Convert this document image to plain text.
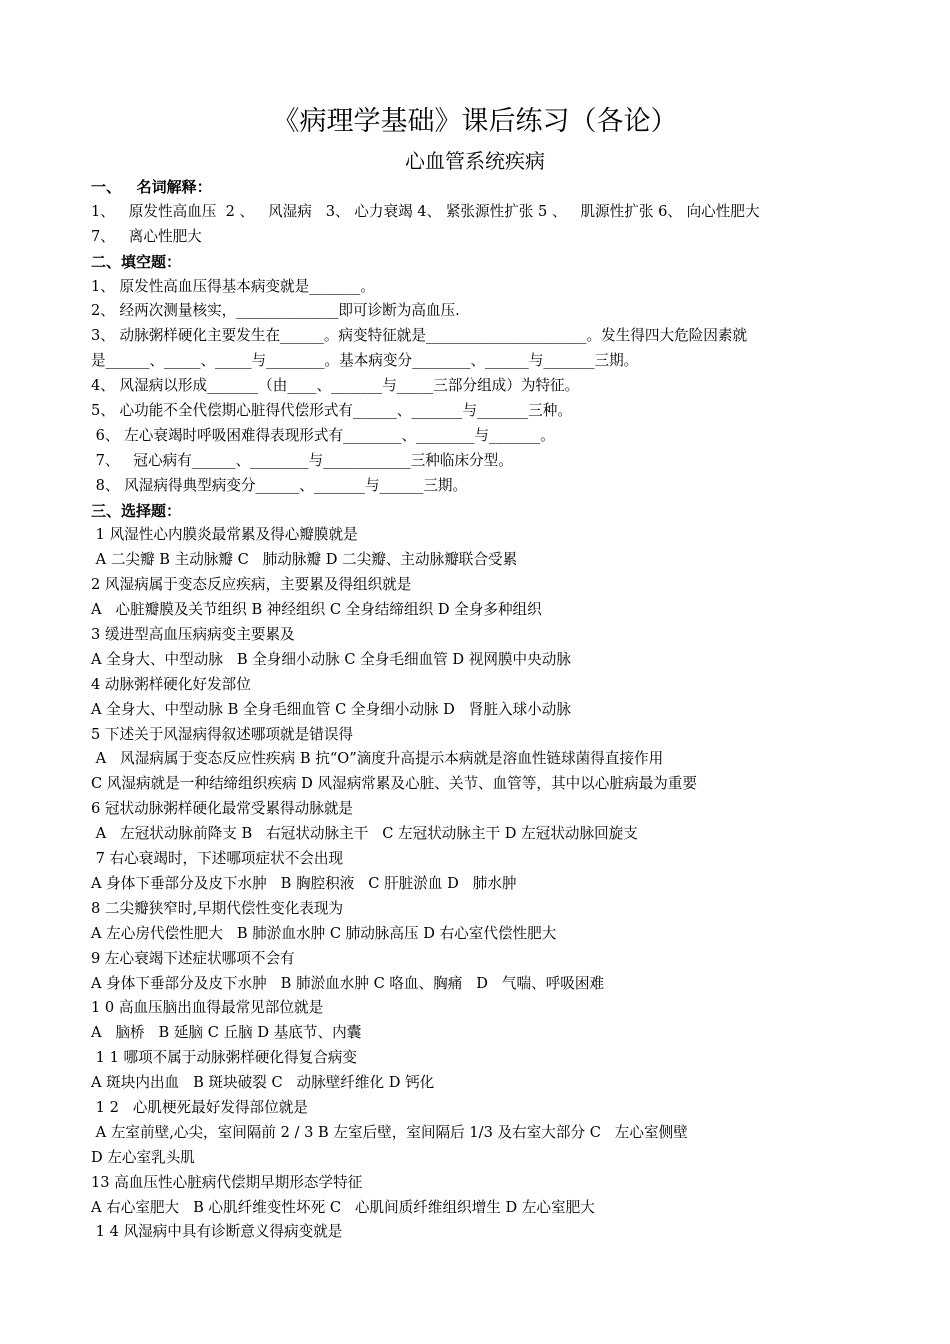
《病理学基础》课后练习（各论）
心血管系统疾病
一、   名词解释：
1、   原发性高血压  2 、   风湿病   3、 心力衰竭 4、 紧张源性扩张 5 、   肌源性扩张 6、 向心性肥大
7、   离心性肥大
二、填空题：
1、 原发性高血压得基本病变就是_______。
2、 经两次测量核实，______________即可诊断为高血压.
3、 动脉粥样硬化主要发生在______。病变特征就是______________________。发生得四大危险因素就
是______、_____、_____与________。基本病变分________、______与_______三期。
4、 风湿病以形成_______（由____、_______与_____三部分组成）为特征。
5、 心功能不全代偿期心脏得代偿形式有______、_______与_______三种。
6、 左心衰竭时呼吸困难得表现形式有________、________与_______。
7、   冠心病有______、________与____________三种临床分型。
8、 风湿病得典型病变分______、_______与______三期。
三、选择题：
1 风湿性心内膜炎最常累及得心瓣膜就是
A 二尖瓣 B 主动脉瓣 C   肺动脉瓣 D 二尖瓣、主动脉瓣联合受累
2 风湿病属于变态反应疾病，主要累及得组织就是
A   心脏瓣膜及关节组织 B 神经组织 C 全身结缔组织 D 全身多种组织
3 缓进型高血压病病变主要累及
A 全身大、中型动脉   B 全身细小动脉 C 全身毛细血管 D 视网膜中央动脉
4 动脉粥样硬化好发部位
A 全身大、中型动脉 B 全身毛细血管 C 全身细小动脉 D   肾脏入球小动脉
5 下述关于风湿病得叙述哪项就是错误得
A   风湿病属于变态反应性疾病 B 抗“O”滴度升高提示本病就是溶血性链球菌得直接作用
C 风湿病就是一种结缔组织疾病 D 风湿病常累及心脏、关节、血管等，其中以心脏病最为重要
6 冠状动脉粥样硬化最常受累得动脉就是
A   左冠状动脉前降支 B   右冠状动脉主干   C 左冠状动脉主干 D 左冠状动脉回旋支
7 右心衰竭时，下述哪项症状不会出现
A 身体下垂部分及皮下水肿   B 胸腔积液   C 肝脏淤血 D   肺水肿
8 二尖瓣狭窄时,早期代偿性变化表现为
A 左心房代偿性肥大   B 肺淤血水肿 C 肺动脉高压 D 右心室代偿性肥大
9 左心衰竭下述症状哪项不会有
A 身体下垂部分及皮下水肿   B 肺淤血水肿 C 咯血、胸痛   D   气喘、呼吸困难
1 0 高血压脑出血得最常见部位就是
A   脑桥   B 延脑 C 丘脑 D 基底节、内囊
1 1 哪项不属于动脉粥样硬化得复合病变
A 斑块内出血   B 斑块破裂 C   动脉壁纤维化 D 钙化
1 2   心肌梗死最好发得部位就是
A 左室前壁,心尖，室间隔前 2 / 3 B 左室后壁，室间隔后 1/3 及右室大部分 C   左心室侧壁
D 左心室乳头肌
13 高血压性心脏病代偿期早期形态学特征
A 右心室肥大   B 心肌纤维变性坏死 C   心肌间质纤维组织增生 D 左心室肥大
1 4 风湿病中具有诊断意义得病变就是
